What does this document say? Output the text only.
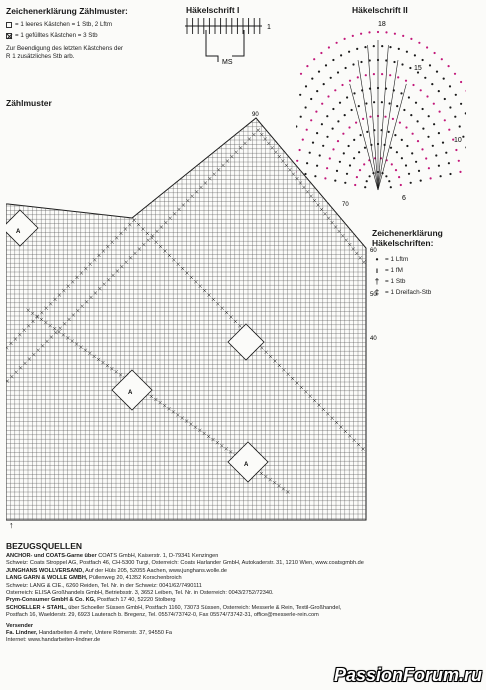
Zeichenerklärung Zählmuster:
= 1 leeres Kästchen = 1 Stb, 2 Lftm
= 1 gefülltes Kästchen = 3 Stb
Zur Beendigung des letzten Kästchens der
R 1 zusätzliches Stb arb.
Häkelschrift I
1
MS
Häkelschrift II
18
15
10
6
Zählmuster
90
70
60
50
40
A
A
A
↑
Zeichenerklärung
Häkelschriften:
•	= 1 Lftm
ı	= 1 fM
† = 1 Stb
‡ = 1 Dreifach-Stb
BEZUGSQUELLEN
ANCHOR- und COATS-Garne über COATS GmbH, Kaiserstr. 1, D-79341 Kenzingen
Schweiz: Coats Stroppel AG, Postfach 46, CH-5300 Turgi, Österreich: Coats Harlander GmbH, Autokaderstr. 31, 1210 Wien, www.coatsgmbh.de
JUNGHANS WOLLVERSAND, Auf der Hüls 205, 52055 Aachen, www.junghans.wolle.de
LANG GARN & WOLLE GMBH, Püllenweg 20, 41352 Korschenbroich
Schweiz: LANG & CIE., 6260 Reiden, Tel. Nr. in der Schweiz: 0041/62/7490111
Österreich: ELISA Großhandels GmbH, Betriebsstr. 3, 3652 Leiben, Tel. Nr. in Österreich: 0043/2752/72340.
Prym-Consumer GmbH & Co. KG, Postfach 17 40, 52220 Stolberg
SCHOELLER + STAHL, über Schoeller Süssen GmbH, Postfach 1160, 73073 Süssen, Österreich: Messerle & Rein, Textil-Großhandel,
Postfach 16, Waelderstr. 29, 6923 Lauterach b. Bregenz, Tel. 05574/73742-0, Fax 05574/73742-31, office@messerle-rein.com
Versender
Fa. Lindner, Handarbeiten & mehr, Untere Römerstr. 37, 94550 Fa
Internet: www.handarbeiten-lindner.de
PassionForum.ru
